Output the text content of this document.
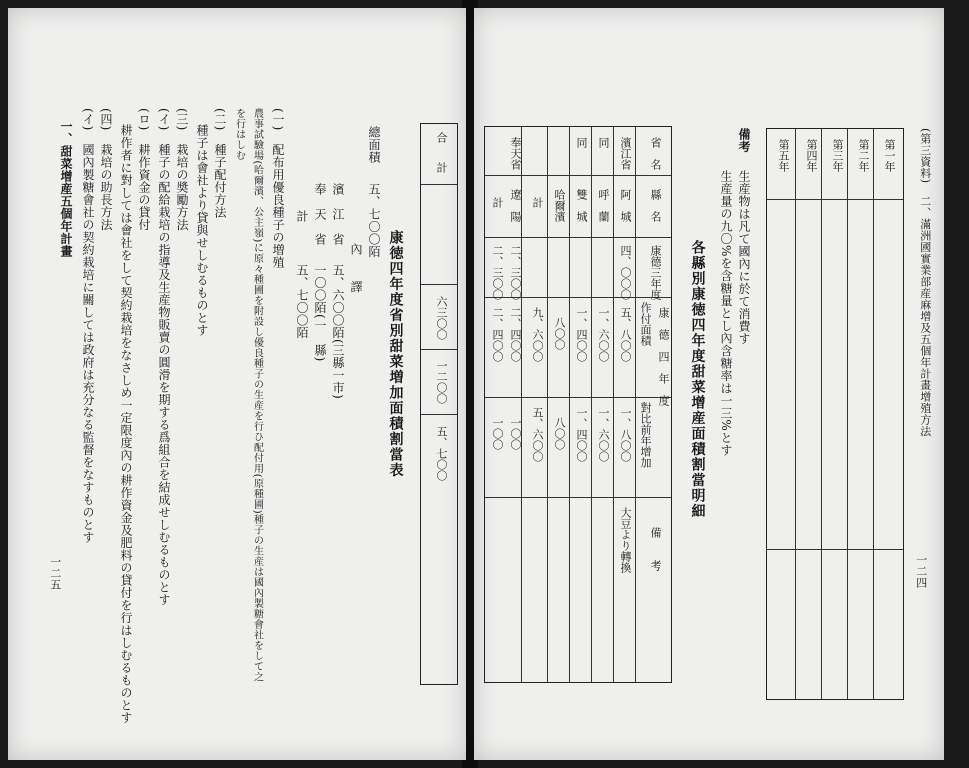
一二五
合
計
六三〇〇
一二〇〇
五、七〇〇
康徳四年度省別甜菜増加面積割當表
總面積
五、七〇〇陌
內　　譯
濱　江　省
五、六〇〇陌(三縣一市)
奉　天　省
一〇〇陌(一　縣)
計
五、七〇〇陌
(一)　配布用優良種子の増殖
農事試驗場(哈爾濱、公主嶺)に原々種圃を附設し優良種子の生産を行ひ配付用(原種圃)種子の生産は國內製糖會社をして之
を行はしむ
(二)　種子配付方法
種子は會社より貸與せしむるものとす
(三)　栽培の奬勵方法
(イ)　種子の配給栽培の指導及生産物販賣の圓滑を期する爲組合を結成せしむるものとす
(ロ)　耕作資金の貸付
耕作者に對しては會社をして契約栽培をなさしめ一定限度內の耕作資金及肥料の貸付を行はしむるものとす
(四)　栽培の助長方法
(イ)　國內製糖會社の契約栽培に關しては政府は充分なる監督をなすものとす
一、甜菜增産五個年計畫	(第三資料)　二、滿洲國實業部産麻增及五個年計畫增殖方法
一二四
第一年
第二年
第三年
第四年
第五年
備考
生産物は凡て國內に於て消費す
生産量の九〇%を含糖量とし內含糖率は一三%とす
各縣別康徳四年度甜菜增産面積割當明細
省　名
縣　名
康德三年度
康　德　四　年　度
作付面積
對比前年增加
備　　考
濱江省
阿　城
四、〇〇〇
五、八〇〇
一、八〇〇
大豆より轉換
同
呼　蘭
一、六〇〇
一、六〇〇
同
雙　城
一、四〇〇
一、四〇〇
哈爾濱
八〇〇
八〇〇
計
九、六〇〇
五、六〇〇
奉天省
遼　陽
二、三〇〇
二、四〇〇
一〇〇
計
二、三〇〇
二、四〇〇
一〇〇
